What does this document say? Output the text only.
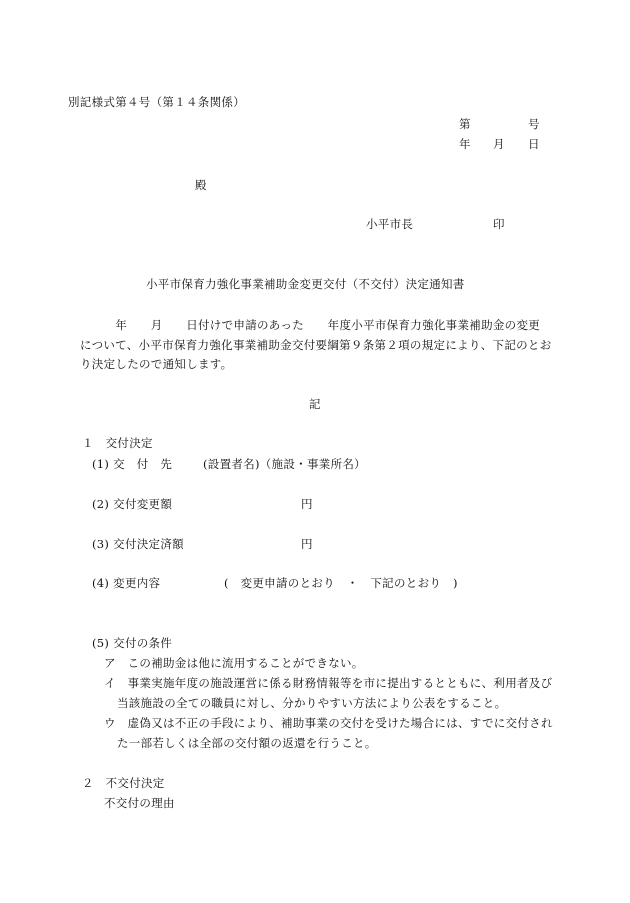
別記様式第４号（第１４条関係）
第	号
年 月 日
殿
小平市長	印
小平市保育力強化事業補助金変更交付（不交付）決定通知書
　　　年　　月　　日付けで申請のあった　　年度小平市保育力強化事業補助金の変更
について、小平市保育力強化事業補助金交付要綱第９条第２項の規定により、下記のとお
り決定したので通知します。
記
１　交付決定
(1) 交　付　先	(設置者名)（施設・事業所名）
(2) 交付変更額	円
(3) 交付決定済額	円
(4) 変更内容	(　変更申請のとおり　・　下記のとおり　)
(5) 交付の条件
ア　この補助金は他に流用することができない。
イ　事業実施年度の施設運営に係る財務情報等を市に提出するとともに、利用者及び
当該施設の全ての職員に対し、分かりやすい方法により公表をすること。
ウ　虚偽又は不正の手段により、補助事業の交付を受けた場合には、すでに交付され
た一部若しくは全部の交付額の返還を行うこと。
２　不交付決定
不交付の理由
